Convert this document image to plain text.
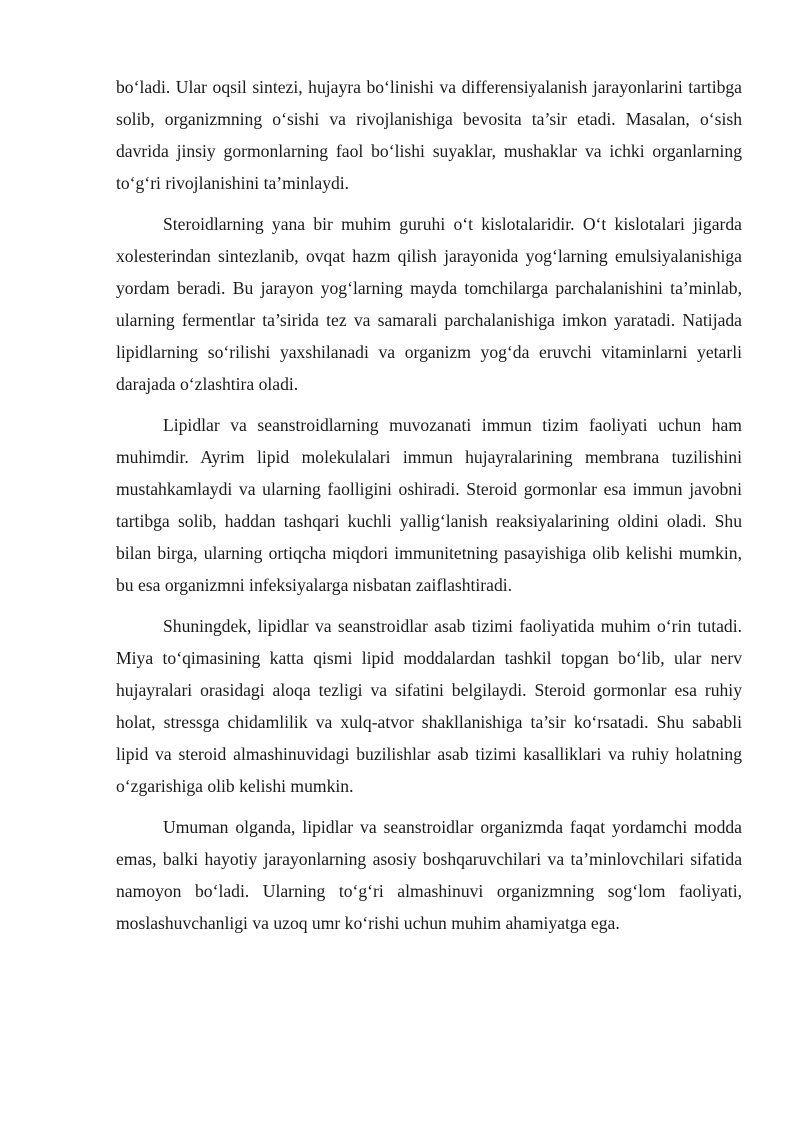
bo‘ladi. Ular oqsil sintezi, hujayra bo‘linishi va differensiyalanish jarayonlarini tartibga solib, organizmning o‘sishi va rivojlanishiga bevosita ta’sir etadi. Masalan, o‘sish davrida jinsiy gormonlarning faol bo‘lishi suyaklar, mushaklar va ichki organlarning to‘g‘ri rivojlanishini ta’minlaydi.

Steroidlarning yana bir muhim guruhi o‘t kislotalaridir. O‘t kislotalari jigarda xolesterindan sintezlanib, ovqat hazm qilish jarayonida yog‘larning emulsiyalanishiga yordam beradi. Bu jarayon yog‘larning mayda tomchilarga parchalanishini ta’minlab, ularning fermentlar ta’sirida tez va samarali parchalanishiga imkon yaratadi. Natijada lipidlarning so‘rilishi yaxshilanadi va organizm yog‘da eruvchi vitaminlarni yetarli darajada o‘zlashtira oladi.

Lipidlar va seanstroidlarning muvozanati immun tizim faoliyati uchun ham muhimdir. Ayrim lipid molekulalari immun hujayralarining membrana tuzilishini mustahkamlaydi va ularning faolligini oshiradi. Steroid gormonlar esa immun javobni tartibga solib, haddan tashqari kuchli yallig‘lanish reaksiyalarining oldini oladi. Shu bilan birga, ularning ortiqcha miqdori immunitetning pasayishiga olib kelishi mumkin, bu esa organizmni infeksiyalarga nisbatan zaiflashtiradi.

Shuningdek, lipidlar va seanstroidlar asab tizimi faoliyatida muhim o‘rin tutadi. Miya to‘qimasining katta qismi lipid moddalardan tashkil topgan bo‘lib, ular nerv hujayralari orasidagi aloqa tezligi va sifatini belgilaydi. Steroid gormonlar esa ruhiy holat, stressga chidamlilik va xulq-atvor shakllanishiga ta’sir ko‘rsatadi. Shu sababli lipid va steroid almashinuvidagi buzilishlar asab tizimi kasalliklari va ruhiy holatning o‘zgarishiga olib kelishi mumkin.

Umuman olganda, lipidlar va seanstroidlar organizmda faqat yordamchi modda emas, balki hayotiy jarayonlarning asosiy boshqaruvchilari va ta’minlovchilari sifatida namoyon bo‘ladi. Ularning to‘g‘ri almashinuvi organizmning sog‘lom faoliyati, moslashuvchanligi va uzoq umr ko‘rishi uchun muhim ahamiyatga ega.
